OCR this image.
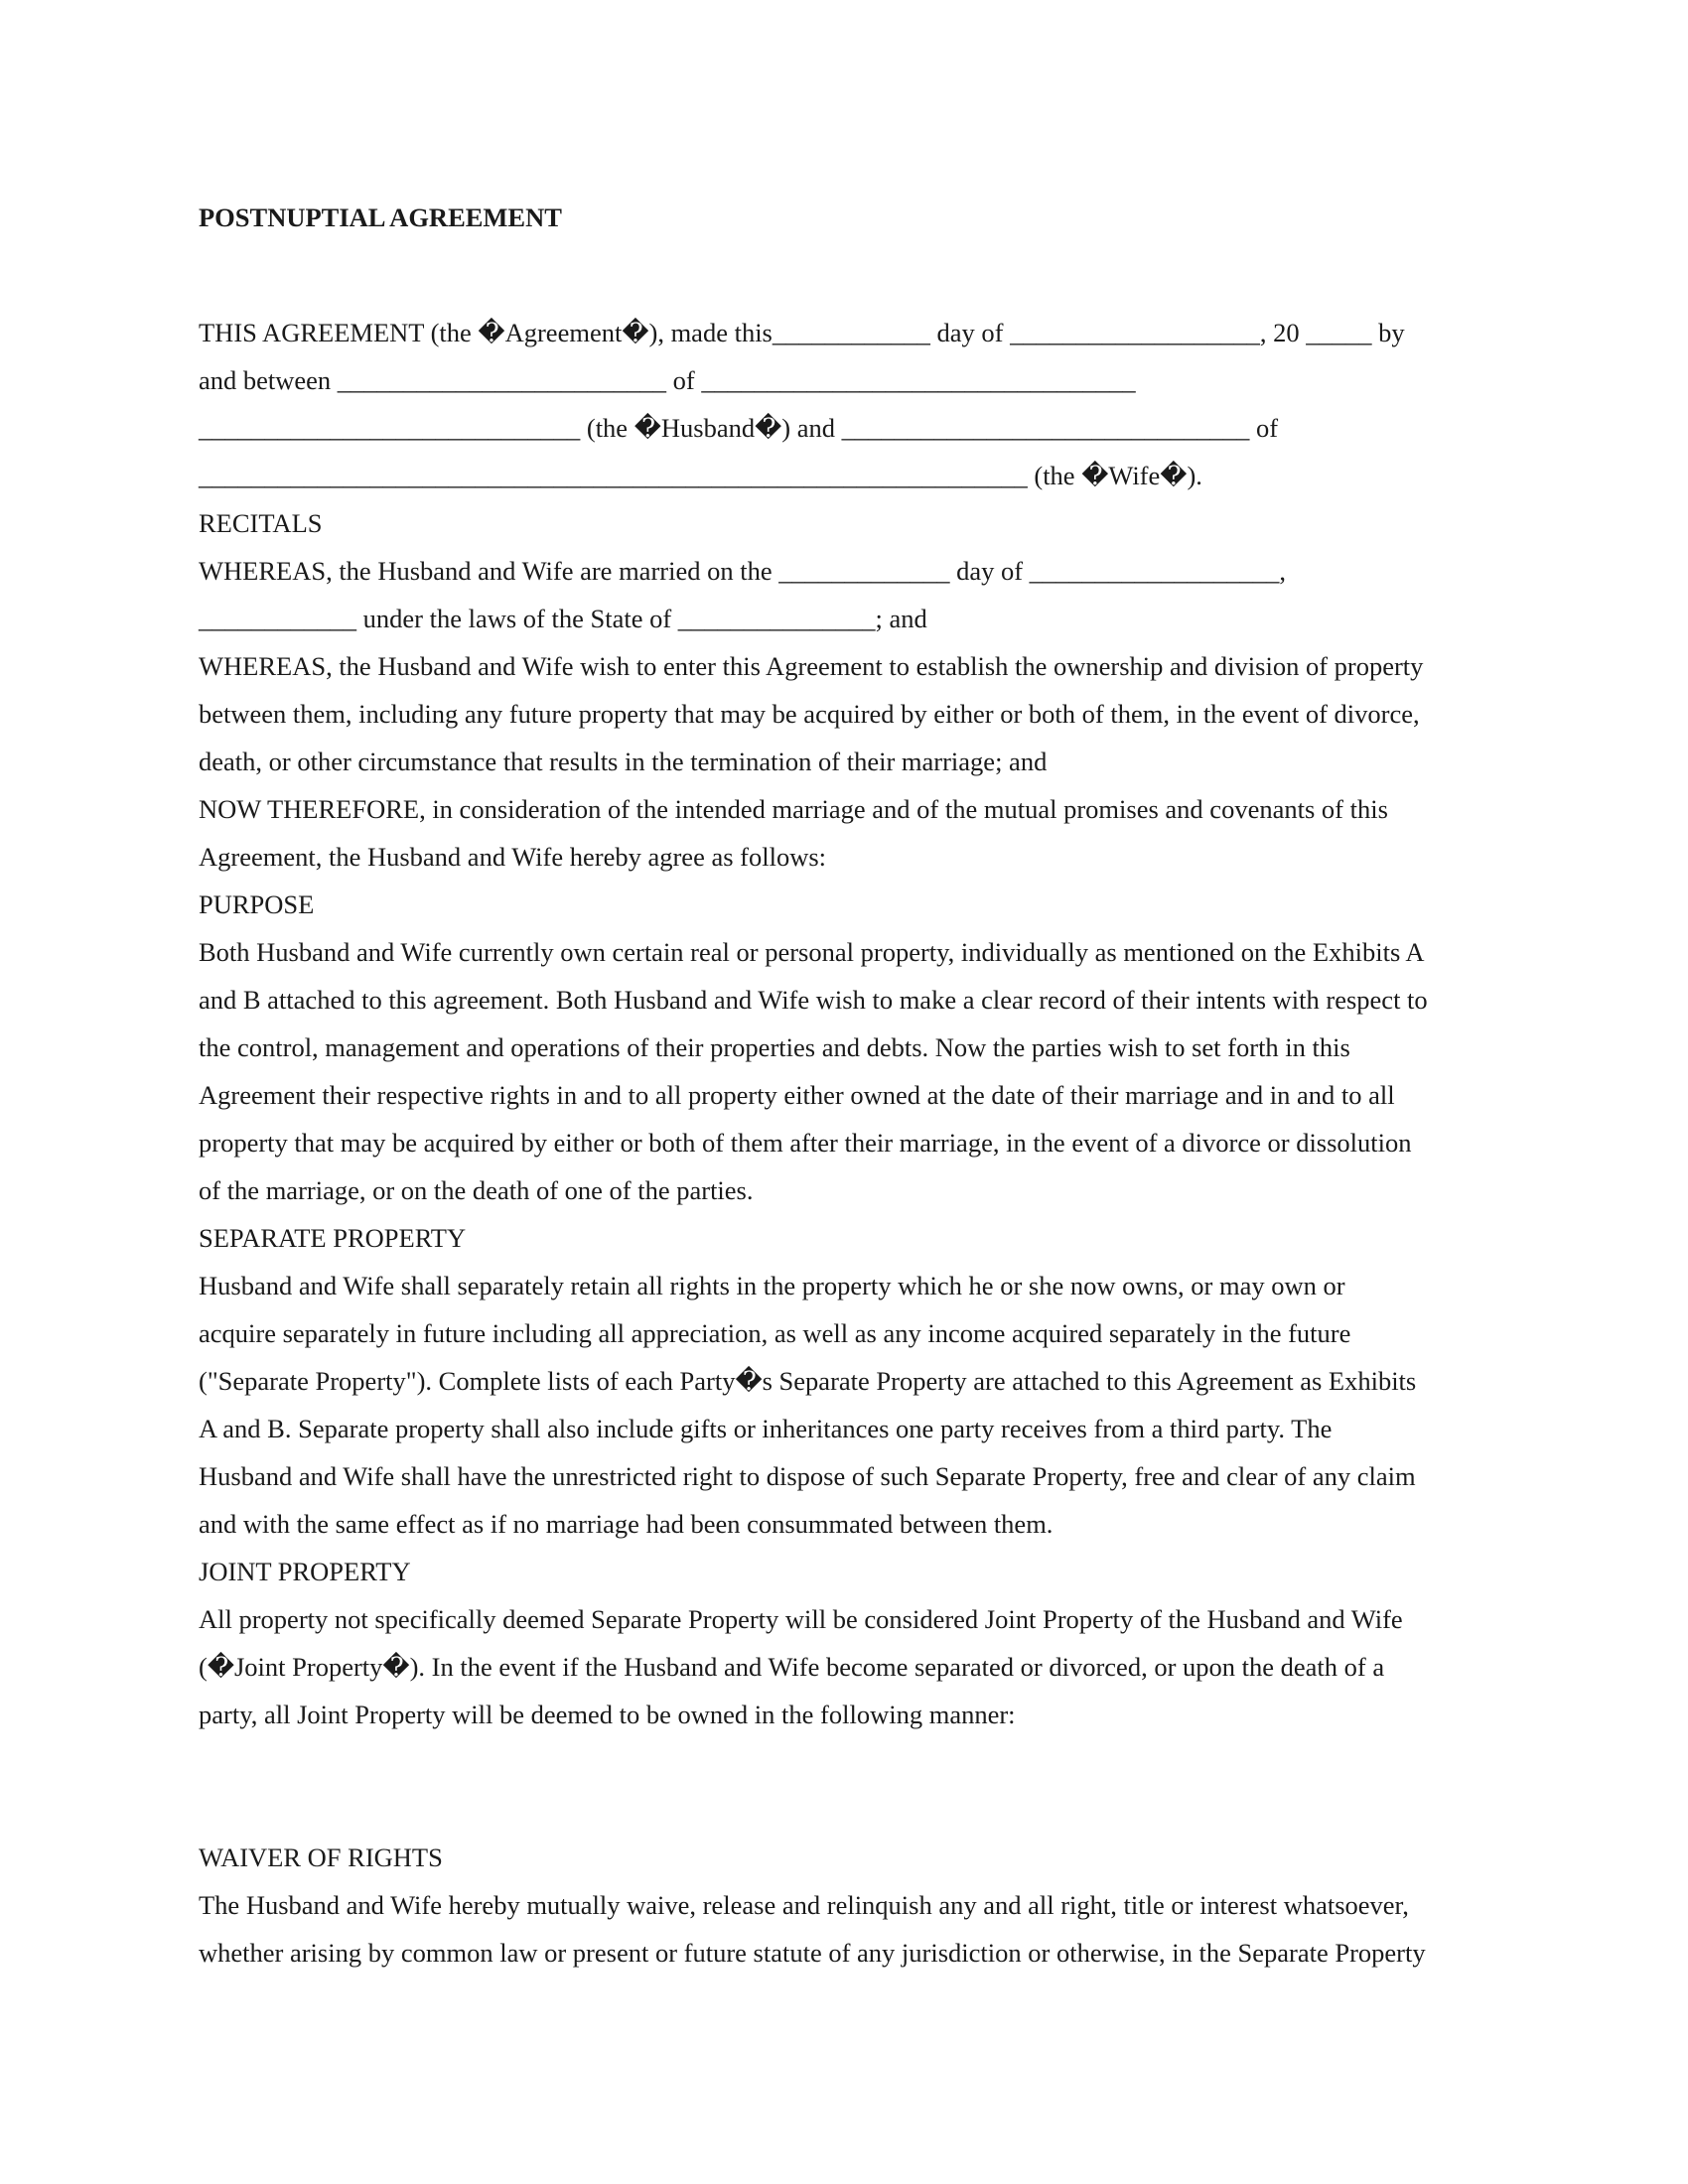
POSTNUPTIAL AGREEMENT

THIS AGREEMENT (the �Agreement�), made this____________ day of ___________________, 20 _____ by

and between _________________________ of _________________________________

_____________________________ (the �Husband�) and _______________________________ of

_______________________________________________________________ (the �Wife�).

RECITALS

WHEREAS, the Husband and Wife are married on the _____________ day of ___________________,

____________ under the laws of the State of _______________; and

WHEREAS, the Husband and Wife wish to enter this Agreement to establish the ownership and division of property

between them, including any future property that may be acquired by either or both of them, in the event of divorce,

death, or other circumstance that results in the termination of their marriage; and

NOW THEREFORE, in consideration of the intended marriage and of the mutual promises and covenants of this

Agreement, the Husband and Wife hereby agree as follows:

PURPOSE

Both Husband and Wife currently own certain real or personal property, individually as mentioned on the Exhibits A

and B attached to this agreement. Both Husband and Wife wish to make a clear record of their intents with respect to

the control, management and operations of their properties and debts. Now the parties wish to set forth in this

Agreement their respective rights in and to all property either owned at the date of their marriage and in and to all

property that may be acquired by either or both of them after their marriage, in the event of a divorce or dissolution

of the marriage, or on the death of one of the parties.

SEPARATE PROPERTY

Husband and Wife shall separately retain all rights in the property which he or she now owns, or may own or

acquire separately in future including all appreciation, as well as any income acquired separately in the future

("Separate Property"). Complete lists of each Party�s Separate Property are attached to this Agreement as Exhibits

A and B. Separate property shall also include gifts or inheritances one party receives from a third party. The

Husband and Wife shall have the unrestricted right to dispose of such Separate Property, free and clear of any claim

and with the same effect as if no marriage had been consummated between them.

JOINT PROPERTY

All property not specifically deemed Separate Property will be considered Joint Property of the Husband and Wife

(�Joint Property�). In the event if the Husband and Wife become separated or divorced, or upon the death of a

party, all Joint Property will be deemed to be owned in the following manner:

WAIVER OF RIGHTS

The Husband and Wife hereby mutually waive, release and relinquish any and all right, title or interest whatsoever,

whether arising by common law or present or future statute of any jurisdiction or otherwise, in the Separate Property
